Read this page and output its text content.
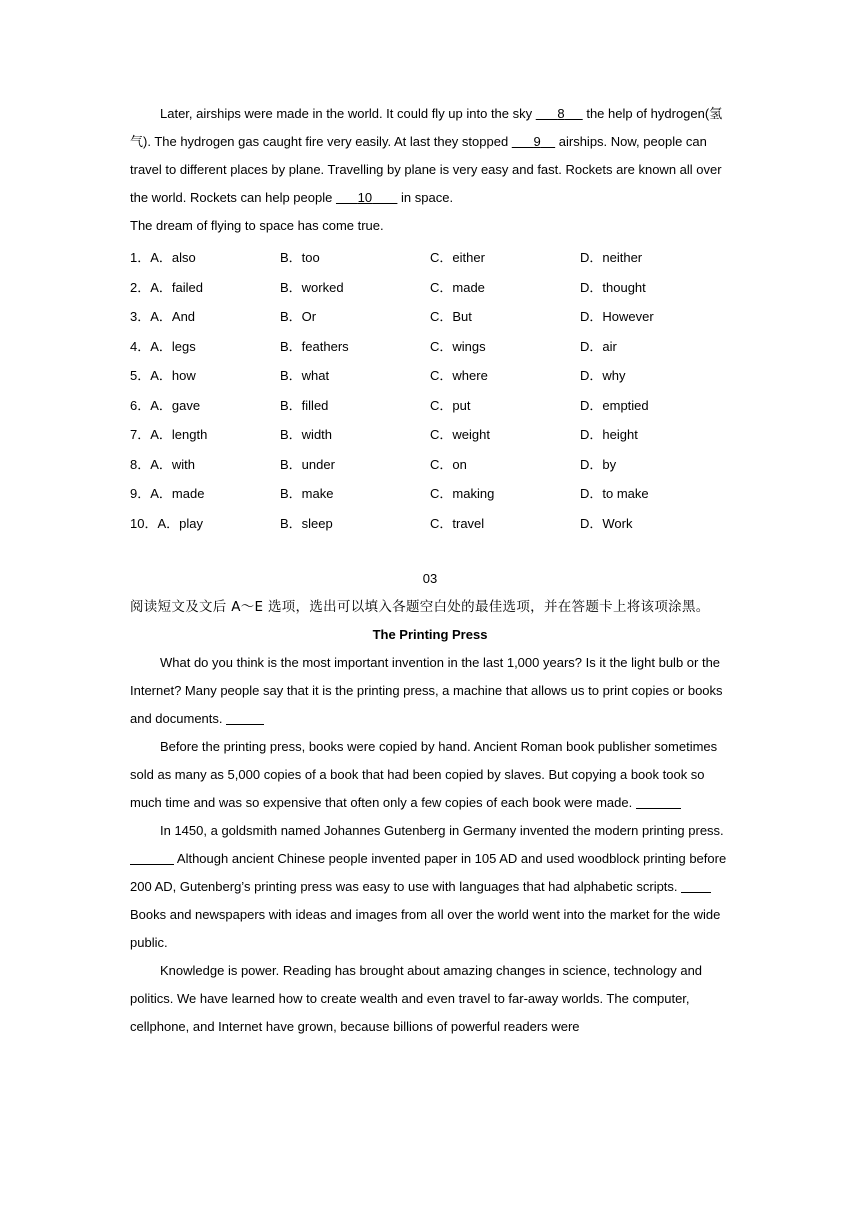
Later, airships were made in the world. It could fly up into the sky       8      the help of hydrogen(氢气). The hydrogen gas caught fire very easily. At last they stopped       9     airships. Now, people can travel to different places by plane. Travelling by plane is very easy and fast. Rockets are known all over the world. Rockets can help people       10        in space.

The dream of flying to space has come true.

1．A．also	B．too	C．either	D．neither
2．A．failed	B．worked	C．made	D．thought
3．A．And	B．Or	C．But	D．However
4．A．legs	B．feathers	C．wings	D．air
5．A．how	B．what	C．where	D．why
6．A．gave	B．filled	C．put	D．emptied
7．A．length	B．width	C．weight	D．height
8．A．with	B．under	C．on	D．by
9．A．made	B．make	C．making	D．to make
10．A．play	B．sleep	C．travel	D．Work

03

阅读短文及文后 A～E 选项，选出可以填入各题空白处的最佳选项，并在答题卡上将该项涂黑。

The Printing Press

What do you think is the most important invention in the last 1,000 years? Is it the light bulb or the Internet? Many people say that it is the printing press, a machine that allows us to print copies or books and documents.

Before the printing press, books were copied by hand. Ancient Roman book publisher sometimes sold as many as 5,000 copies of a book that had been copied by slaves. But copying a book took so much time and was so expensive that often only a few copies of each book were made.

In 1450, a goldsmith named Johannes Gutenberg in Germany invented the modern printing press.  Although ancient Chinese people invented paper in 105 AD and used woodblock printing before 200 AD, Gutenberg’s printing press was easy to use with languages that had alphabetic scripts.  Books and newspapers with ideas and images from all over the world went into the market for the wide public.

Knowledge is power. Reading has brought about amazing changes in science, technology and politics. We have learned how to create wealth and even travel to far-away worlds. The computer, cellphone, and Internet have grown, because billions of powerful readers were
